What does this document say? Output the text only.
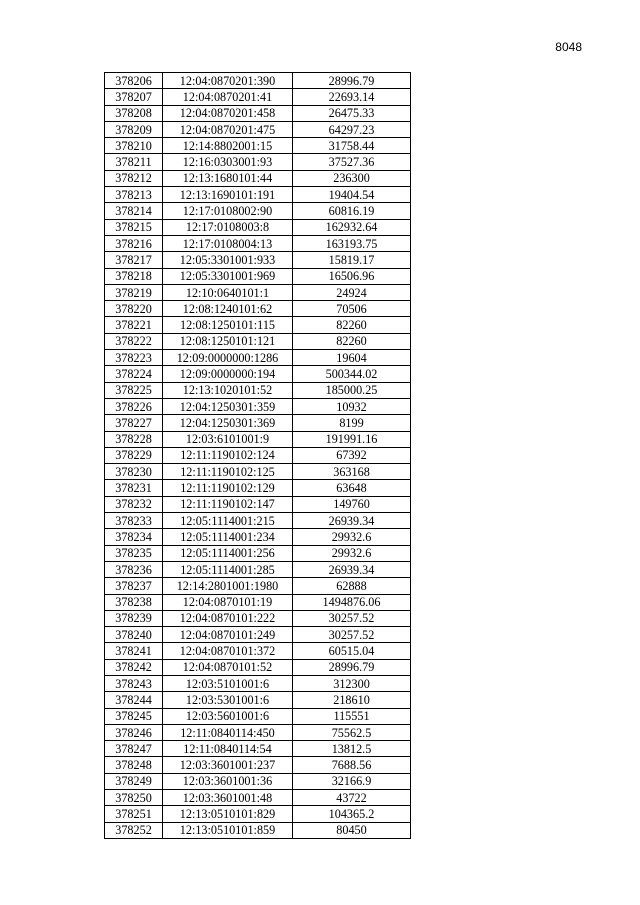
8048
378206	12:04:0870201:390	28996.79
378207	12:04:0870201:41	22693.14
378208	12:04:0870201:458	26475.33
378209	12:04:0870201:475	64297.23
378210	12:14:8802001:15	31758.44
378211	12:16:0303001:93	37527.36
378212	12:13:1680101:44	236300
378213	12:13:1690101:191	19404.54
378214	12:17:0108002:90	60816.19
378215	12:17:0108003:8	162932.64
378216	12:17:0108004:13	163193.75
378217	12:05:3301001:933	15819.17
378218	12:05:3301001:969	16506.96
378219	12:10:0640101:1	24924
378220	12:08:1240101:62	70506
378221	12:08:1250101:115	82260
378222	12:08:1250101:121	82260
378223	12:09:0000000:1286	19604
378224	12:09:0000000:194	500344.02
378225	12:13:1020101:52	185000.25
378226	12:04:1250301:359	10932
378227	12:04:1250301:369	8199
378228	12:03:6101001:9	191991.16
378229	12:11:1190102:124	67392
378230	12:11:1190102:125	363168
378231	12:11:1190102:129	63648
378232	12:11:1190102:147	149760
378233	12:05:1114001:215	26939.34
378234	12:05:1114001:234	29932.6
378235	12:05:1114001:256	29932.6
378236	12:05:1114001:285	26939.34
378237	12:14:2801001:1980	62888
378238	12:04:0870101:19	1494876.06
378239	12:04:0870101:222	30257.52
378240	12:04:0870101:249	30257.52
378241	12:04:0870101:372	60515.04
378242	12:04:0870101:52	28996.79
378243	12:03:5101001:6	312300
378244	12:03:5301001:6	218610
378245	12:03:5601001:6	115551
378246	12:11:0840114:450	75562.5
378247	12:11:0840114:54	13812.5
378248	12:03:3601001:237	7688.56
378249	12:03:3601001:36	32166.9
378250	12:03:3601001:48	43722
378251	12:13:0510101:829	104365.2
378252	12:13:0510101:859	80450
